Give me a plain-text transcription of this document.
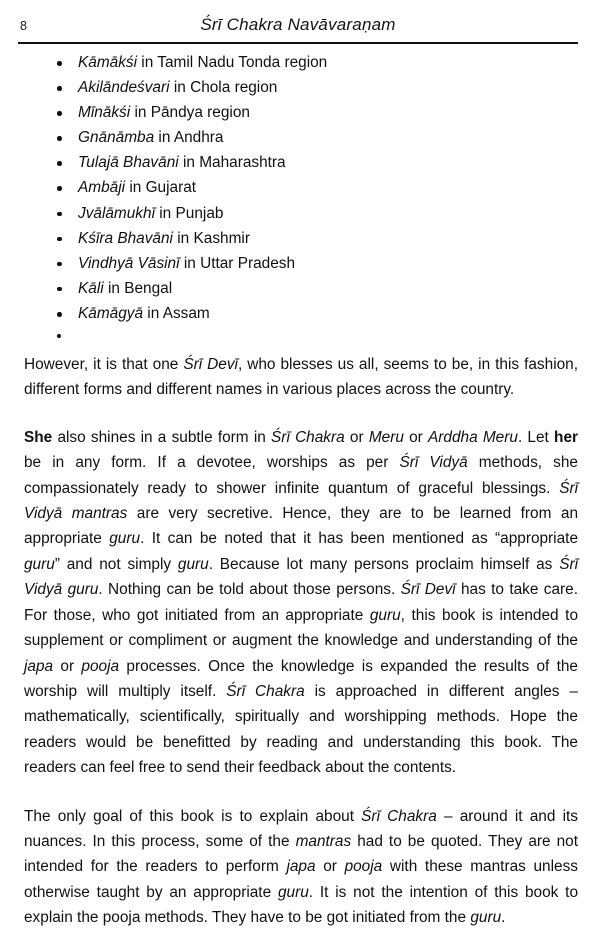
8	Śrī Chakra Navāvaraṇam
Kāmākśi in Tamil Nadu Tonda region
Akilāndeśvari in Chola region
Mīnākśi in Pāndya region
Gnānāmba in Andhra
Tulajā Bhavāni in Maharashtra
Ambāji in Gujarat
Jvālāmukhī in Punjab
Kśīra Bhavāni in Kashmir
Vindhyā Vāsinī in Uttar Pradesh
Kāli in Bengal
Kāmāgyā in Assam

However, it is that one Śrī Devī, who blesses us all, seems to be, in this fashion, different forms and different names in various places across the country.

She also shines in a subtle form in Śrī Chakra or Meru or Arddha Meru. Let her be in any form. If a devotee, worships as per Śrī Vidyā methods, she compassionately ready to shower infinite quantum of graceful blessings. Śrī Vidyā mantras are very secretive. Hence, they are to be learned from an appropriate guru. It can be noted that it has been mentioned as “appropriate guru” and not simply guru. Because lot many persons proclaim himself as Śrī Vidyā guru. Nothing can be told about those persons. Śrī Devī has to take care. For those, who got initiated from an appropriate guru, this book is intended to supplement or compliment or augment the knowledge and understanding of the japa or pooja processes. Once the knowledge is expanded the results of the worship will multiply itself. Śrī Chakra is approached in different angles – mathematically, scientifically, spiritually and worshipping methods. Hope the readers would be benefitted by reading and understanding this book. The readers can feel free to send their feedback about the contents.

The only goal of this book is to explain about Śrī Chakra – around it and its nuances. In this process, some of the mantras had to be quoted. They are not intended for the readers to perform japa or pooja with these mantras unless otherwise taught by an appropriate guru. It is not the intention of this book to explain the pooja methods. They have to be got initiated from the guru.
